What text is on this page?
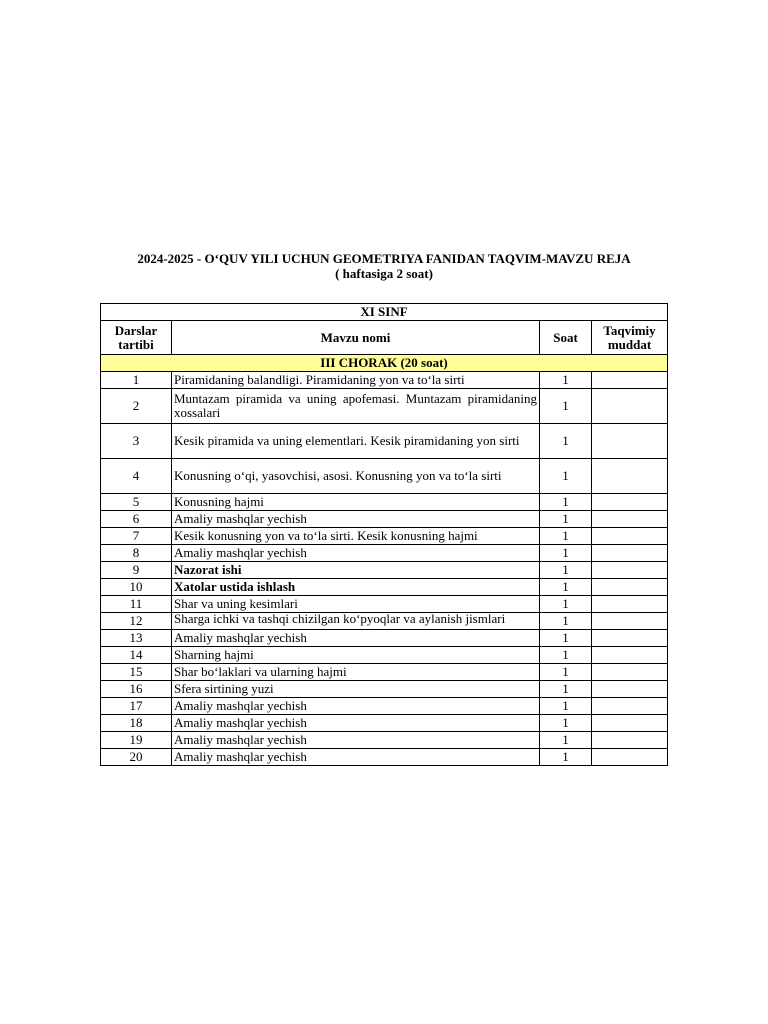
2024-2025 - O‘QUV YILI UCHUN GEOMETRIYA FANIDAN TAQVIM-MAVZU REJA
( haftasiga 2 soat)
XI SINF			
Darslar tartibi	Mavzu nomi	Soat	Taqvimiy muddat
III CHORAK (20 soat)			
1	Piramidaning balandligi. Piramidaning yon va to‘la sirti	1	
2	Muntazam piramida va uning apofemasi. Muntazam piramidaning xossalari	1	
3	Kesik piramida va uning elementlari. Kesik piramidaning yon sirti	1	
4	Konusning o‘qi, yasovchisi, asosi. Konusning yon va to‘la sirti	1	
5	Konusning hajmi	1	
6	Amaliy mashqlar yechish	1	
7	Kesik konusning yon va to‘la sirti. Kesik konusning hajmi	1	
8	Amaliy mashqlar yechish	1	
9	Nazorat ishi	1	
10	Xatolar ustida ishlash	1	
11	Shar va uning kesimlari	1	
12	Sharga ichki va tashqi chizilgan ko‘pyoqlar va aylanish jismlari	1	
13	Amaliy mashqlar yechish	1	
14	Sharning hajmi	1	
15	Shar bo‘laklari va ularning hajmi	1	
16	Sfera sirtining yuzi	1	
17	Amaliy mashqlar yechish	1	
18	Amaliy mashqlar yechish	1	
19	Amaliy mashqlar yechish	1	
20	Amaliy mashqlar yechish	1	
